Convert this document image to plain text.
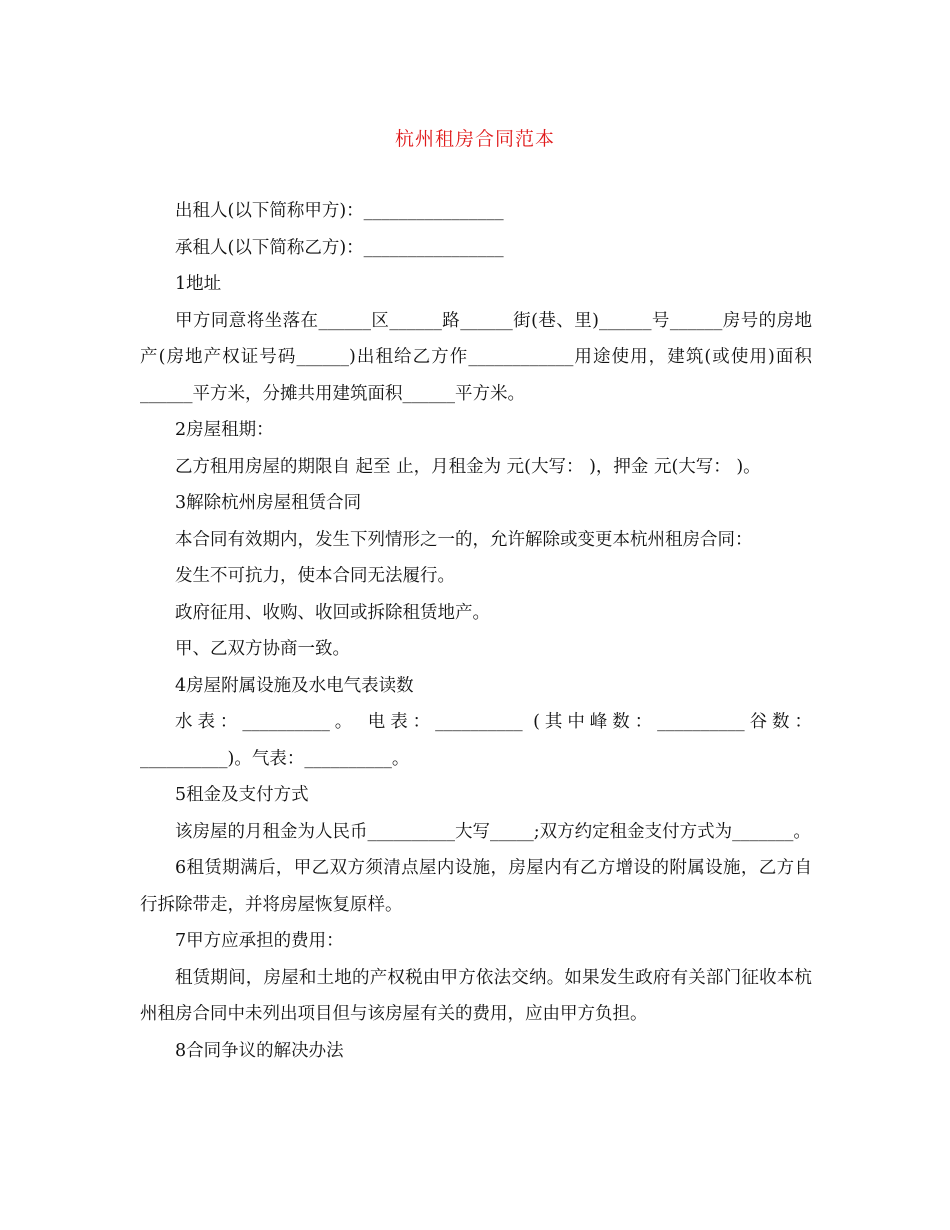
杭州租房合同范本

出租人(以下简称甲方)：________________

承租人(以下简称乙方)：________________

1地址

甲方同意将坐落在______区______路______街(巷、里)______号______房号的房地产(房地产权证号码______)出租给乙方作____________用途使用，建筑(或使用)面积______平方米，分摊共用建筑面积______平方米。

2房屋租期：

乙方租用房屋的期限自 起至 止，月租金为 元(大写： )，押金 元(大写： )。

3解除杭州房屋租赁合同

本合同有效期内，发生下列情形之一的，允许解除或变更本杭州租房合同：

发生不可抗力，使本合同无法履行。

政府征用、收购、收回或拆除租赁地产。

甲、乙双方协商一致。

4房屋附属设施及水电气表读数

水表：__________。 电表：__________ (其中峰数：__________谷数：__________)。气表：__________。

5租金及支付方式

该房屋的月租金为人民币__________大写_____;双方约定租金支付方式为_______。

6租赁期满后，甲乙双方须清点屋内设施，房屋内有乙方增设的附属设施，乙方自行拆除带走，并将房屋恢复原样。

7甲方应承担的费用：

租赁期间，房屋和土地的产权税由甲方依法交纳。如果发生政府有关部门征收本杭州租房合同中未列出项目但与该房屋有关的费用，应由甲方负担。

8合同争议的解决办法
